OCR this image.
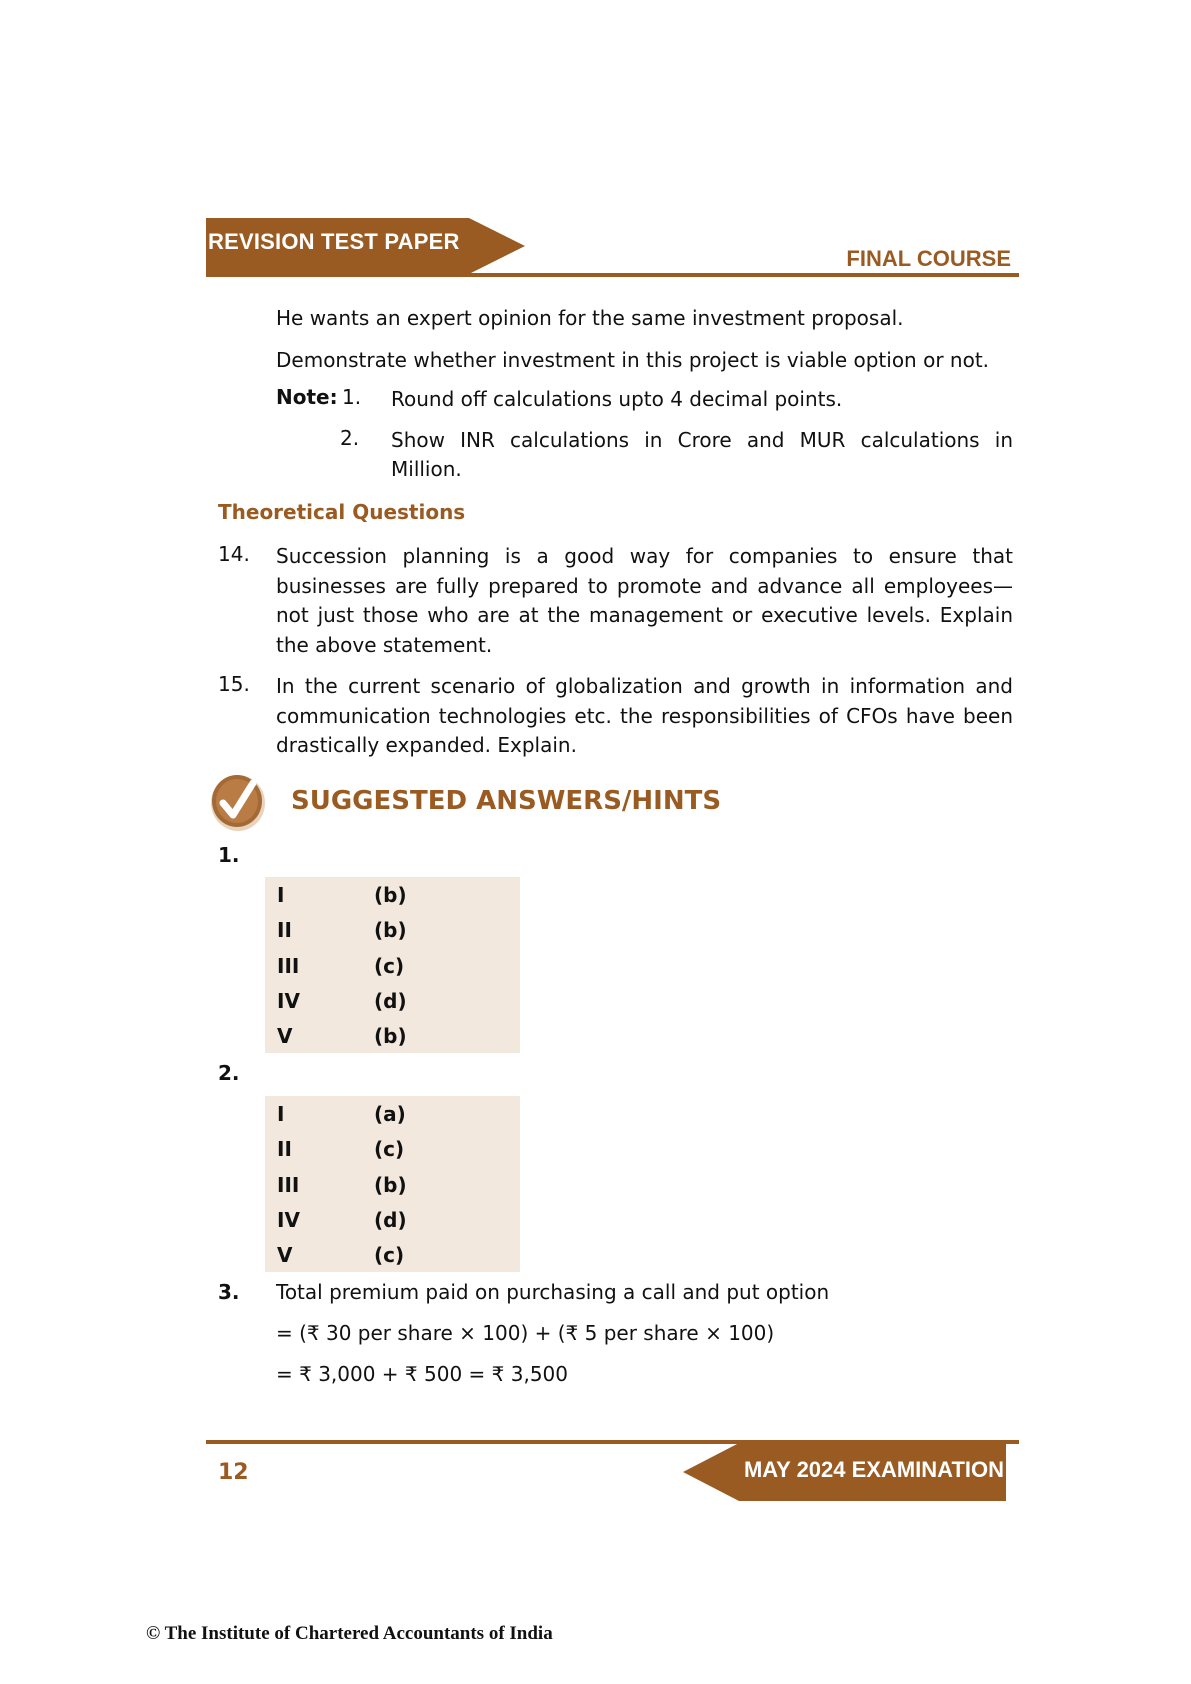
REVISION TEST PAPER
FINAL COURSE
He wants an expert opinion for the same investment proposal.
Demonstrate whether investment in this project is viable option or not.
Note: 1. Round off calculations upto 4 decimal points.
2. Show INR calculations in Crore and MUR calculations in Million.
Theoretical Questions
14. Succession planning is a good way for companies to ensure that businesses are fully prepared to promote and advance all employees—not just those who are at the management or executive levels. Explain the above statement.
15. In the current scenario of globalization and growth in information and communication technologies etc. the responsibilities of CFOs have been drastically expanded. Explain.
SUGGESTED ANSWERS/HINTS
1.
I	(b)
II	(b)
III	(c)
IV	(d)
V	(b)
2.
I	(a)
II	(c)
III	(b)
IV	(d)
V	(c)
3. Total premium paid on purchasing a call and put option
= (₹ 30 per share × 100) + (₹ 5 per share × 100)
= ₹ 3,000 + ₹ 500 = ₹ 3,500
12	MAY 2024 EXAMINATION
© The Institute of Chartered Accountants of India
